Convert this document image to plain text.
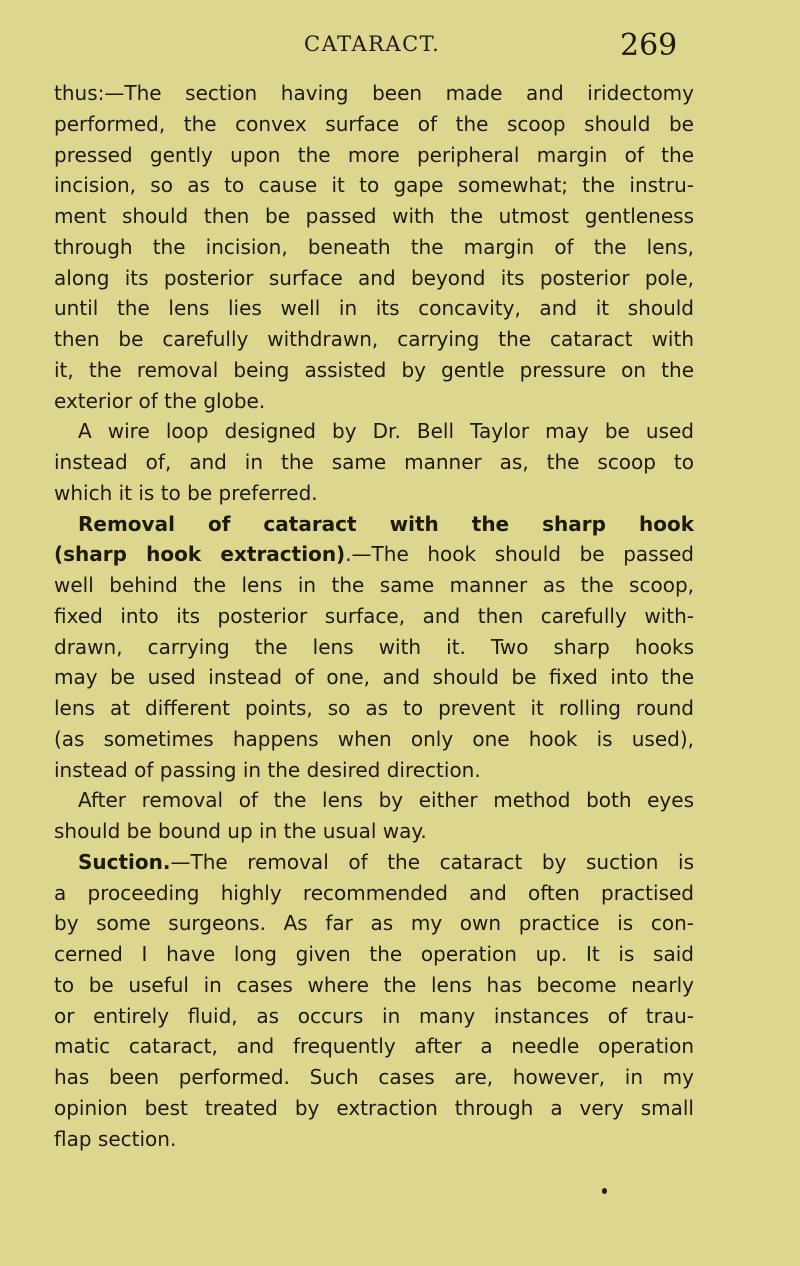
CATARACT.	269
thus:—The section having been made and iridectomy
performed, the convex surface of the scoop should be
pressed gently upon the more peripheral margin of the
incision, so as to cause it to gape somewhat; the instru-
ment should then be passed with the utmost gentleness
through the incision, beneath the margin of the lens,
along its posterior surface and beyond its posterior pole,
until the lens lies well in its concavity, and it should
then be carefully withdrawn, carrying the cataract with
it, the removal being assisted by gentle pressure on the
exterior of the globe.
A wire loop designed by Dr. Bell Taylor may be used
instead of, and in the same manner as, the scoop to
which it is to be preferred.
Removal of cataract with the sharp hook
(sharp hook extraction).—The hook should be passed
well behind the lens in the same manner as the scoop,
fixed into its posterior surface, and then carefully with-
drawn, carrying the lens with it. Two sharp hooks
may be used instead of one, and should be fixed into the
lens at different points, so as to prevent it rolling round
(as sometimes happens when only one hook is used),
instead of passing in the desired direction.
After removal of the lens by either method both eyes
should be bound up in the usual way.
Suction.—The removal of the cataract by suction is
a proceeding highly recommended and often practised
by some surgeons. As far as my own practice is con-
cerned I have long given the operation up. It is said
to be useful in cases where the lens has become nearly
or entirely fluid, as occurs in many instances of trau-
matic cataract, and frequently after a needle operation
has been performed. Such cases are, however, in my
opinion best treated by extraction through a very small
flap section.
